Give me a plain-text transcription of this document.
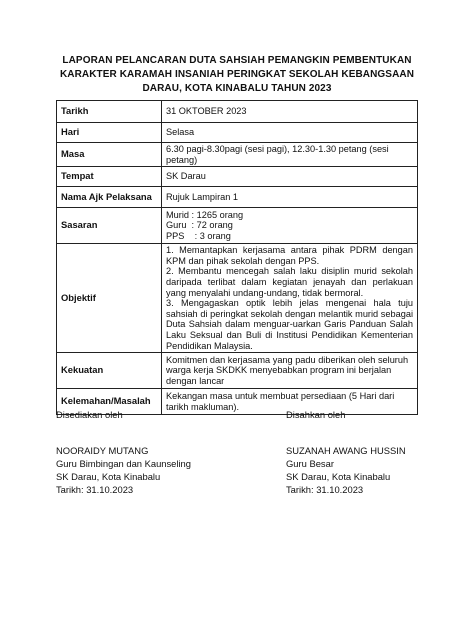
LAPORAN PELANCARAN DUTA SAHSIAH PEMANGKIN PEMBENTUKAN
KARAKTER KARAMAH INSANIAH PERINGKAT SEKOLAH KEBANGSAAN
DARAU, KOTA KINABALU TAHUN 2023
Tarikh	31 OKTOBER 2023
Hari	Selasa
Masa	6.30 pagi-8.30pagi (sesi pagi), 12.30-1.30 petang (sesi petang)
Tempat	SK Darau
Nama Ajk Pelaksana	Rujuk Lampiran 1
Sasaran	Murid : 1265 orang
Guru  : 72 orang
PPS    : 3 orang

Objektif	1. Memantapkan kerjasama antara pihak PDRM dengan KPM dan pihak sekolah dengan PPS.
2. Membantu mencegah salah laku disiplin murid sekolah daripada terlibat dalam kegiatan jenayah dan perlakuan yang menyalahi undang-undang, tidak bermoral.
3. Mengagaskan optik lebih jelas mengenai hala tuju sahsiah di peringkat sekolah dengan melantik murid sebagai Duta Sahsiah dalam menguar-uarkan Garis Panduan Salah Laku Seksual dan Buli di Institusi Pendidikan Kementerian Pendidikan Malaysia.

Kekuatan	Komitmen dan kerjasama yang padu diberikan oleh seluruh warga kerja SKDKK menyebabkan program ini berjalan dengan lancar
Kelemahan/Masalah	Kekangan masa untuk membuat persediaan (5 Hari dari tarikh makluman).
Disediakan oleh
NOORAIDY MUTANG
Guru Bimbingan dan Kaunseling
SK Darau, Kota Kinabalu
Tarikh: 31.10.2023
Disahkan oleh
SUZANAH AWANG HUSSIN
Guru Besar
SK Darau, Kota Kinabalu
Tarikh: 31.10.2023
